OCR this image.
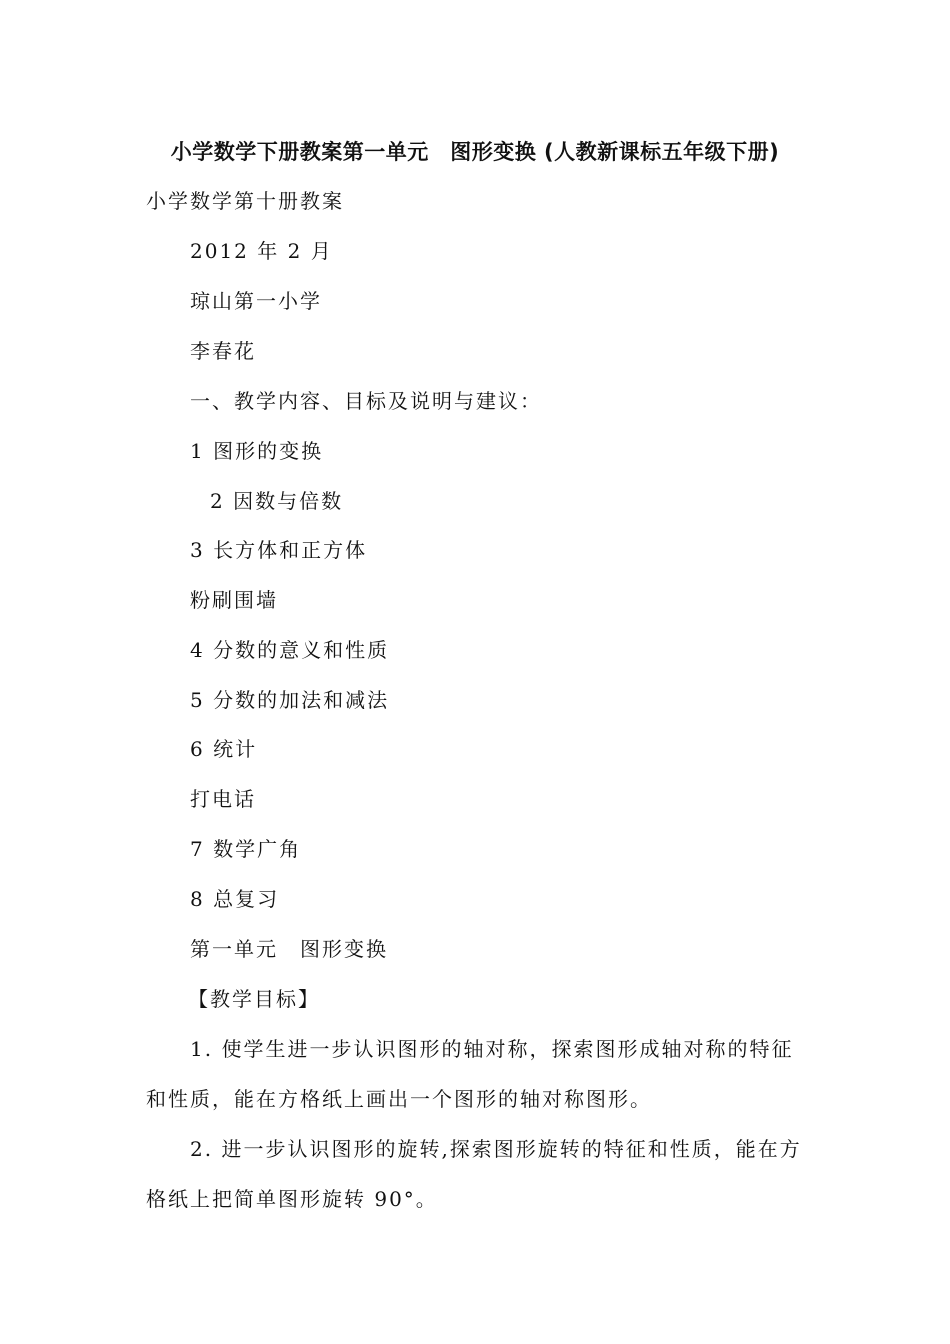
小学数学下册教案第一单元　图形变换 (人教新课标五年级下册)
小学数学第十册教案
2012 年 2 月
琼山第一小学
李春花
一、教学内容、目标及说明与建议：
1 图形的变换
2 因数与倍数
3 长方体和正方体
粉刷围墙
4 分数的意义和性质
5 分数的加法和减法
6 统计
打电话
7 数学广角
8 总复习
第一单元　图形变换
【教学目标】
1. 使学生进一步认识图形的轴对称，探索图形成轴对称的特征
和性质，能在方格纸上画出一个图形的轴对称图形。
2. 进一步认识图形的旋转,探索图形旋转的特征和性质，能在方
格纸上把简单图形旋转 90°。
